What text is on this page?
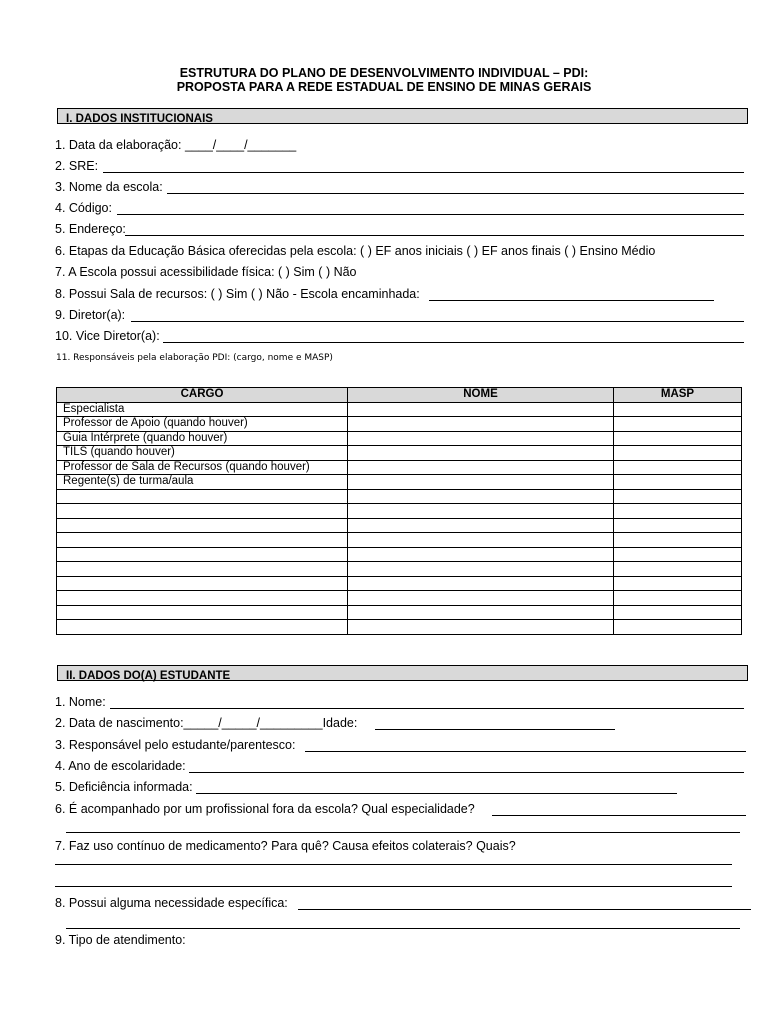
ESTRUTURA DO PLANO DE DESENVOLVIMENTO INDIVIDUAL – PDI:
PROPOSTA PARA A REDE ESTADUAL DE ENSINO DE MINAS GERAIS
I. DADOS INSTITUCIONAIS
1. Data da elaboração: ____/____/_______
2. SRE:
3. Nome da escola:
4. Código:
5. Endereço:
6. Etapas da Educação Básica oferecidas pela escola: ( ) EF anos iniciais ( ) EF anos finais ( ) Ensino Médio
7. A Escola possui acessibilidade física: ( ) Sim ( ) Não
8. Possui Sala de recursos: ( ) Sim ( ) Não - Escola encaminhada:
9. Diretor(a):
10. Vice Diretor(a):
11. Responsáveis pela elaboração PDI: (cargo, nome e MASP)
CARGO	NOME	MASP
Especialista		
Professor de Apoio (quando houver)		
Guia Intérprete (quando houver)		
TILS (quando houver)		
Professor de Sala de Recursos (quando houver)		
Regente(s) de turma/aula		

II. DADOS DO(A) ESTUDANTE
1. Nome:
2. Data de nascimento:_____/_____/_________Idade:
3. Responsável pelo estudante/parentesco:
4. Ano de escolaridade:
5. Deficiência informada:
6. É acompanhado por um profissional fora da escola? Qual especialidade?
7. Faz uso contínuo de medicamento? Para quê? Causa efeitos colaterais? Quais?
8. Possui alguma necessidade específica:
9. Tipo de atendimento:
